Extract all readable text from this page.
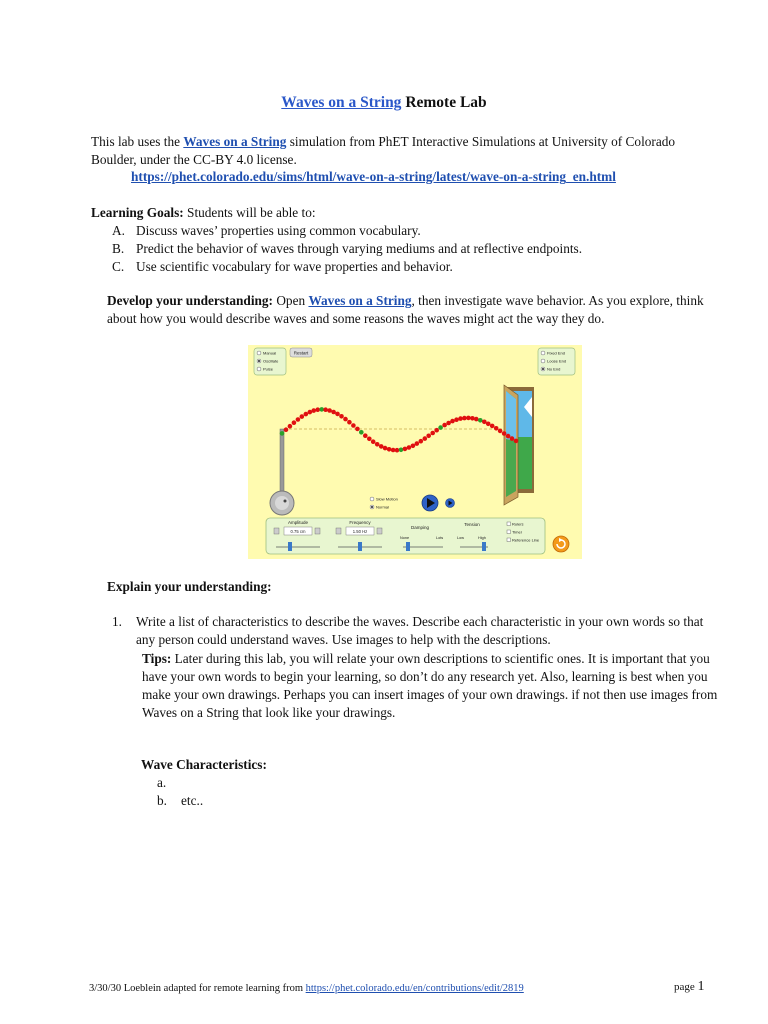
Waves on a String Remote Lab
This lab uses the Waves on a String simulation from PhET Interactive Simulations at University of Colorado Boulder, under the CC-BY 4.0 license.
https://phet.colorado.edu/sims/html/wave-on-a-string/latest/wave-on-a-string_en.html
Learning Goals: Students will be able to:
A. Discuss waves’ properties using common vocabulary.
B. Predict the behavior of waves through varying mediums and at reflective endpoints.
C. Use scientific vocabulary for wave properties and behavior.
Develop your understanding: Open Waves on a String, then investigate wave behavior. As you explore, think about how you would describe waves and some reasons the waves might act the way they do.
Manual
Oscillate
Pulse
Restart	Fixed End
Loose End
No End
Slow Motion
Normal
Amplitude
0.75 cm
Frequency
1.50 Hz
Damping
None	Lots
Tension
Low	High
Rulers
Timer
Reference Line
Explain your understanding:
1. Write a list of characteristics to describe the waves. Describe each characteristic in your own words so that any person could understand waves. Use images to help with the descriptions.
Tips: Later during this lab, you will relate your own descriptions to scientific ones. It is important that you have your own words to begin your learning, so don’t do any research yet. Also, learning is best when you make your own drawings. Perhaps you can insert images of your own drawings. if not then use images from Waves on a String that look like your drawings.
Wave Characteristics:
a.
b. etc..
3/30/30 Loeblein adapted for remote learning from https://phet.colorado.edu/en/contributions/edit/2819	page 1
